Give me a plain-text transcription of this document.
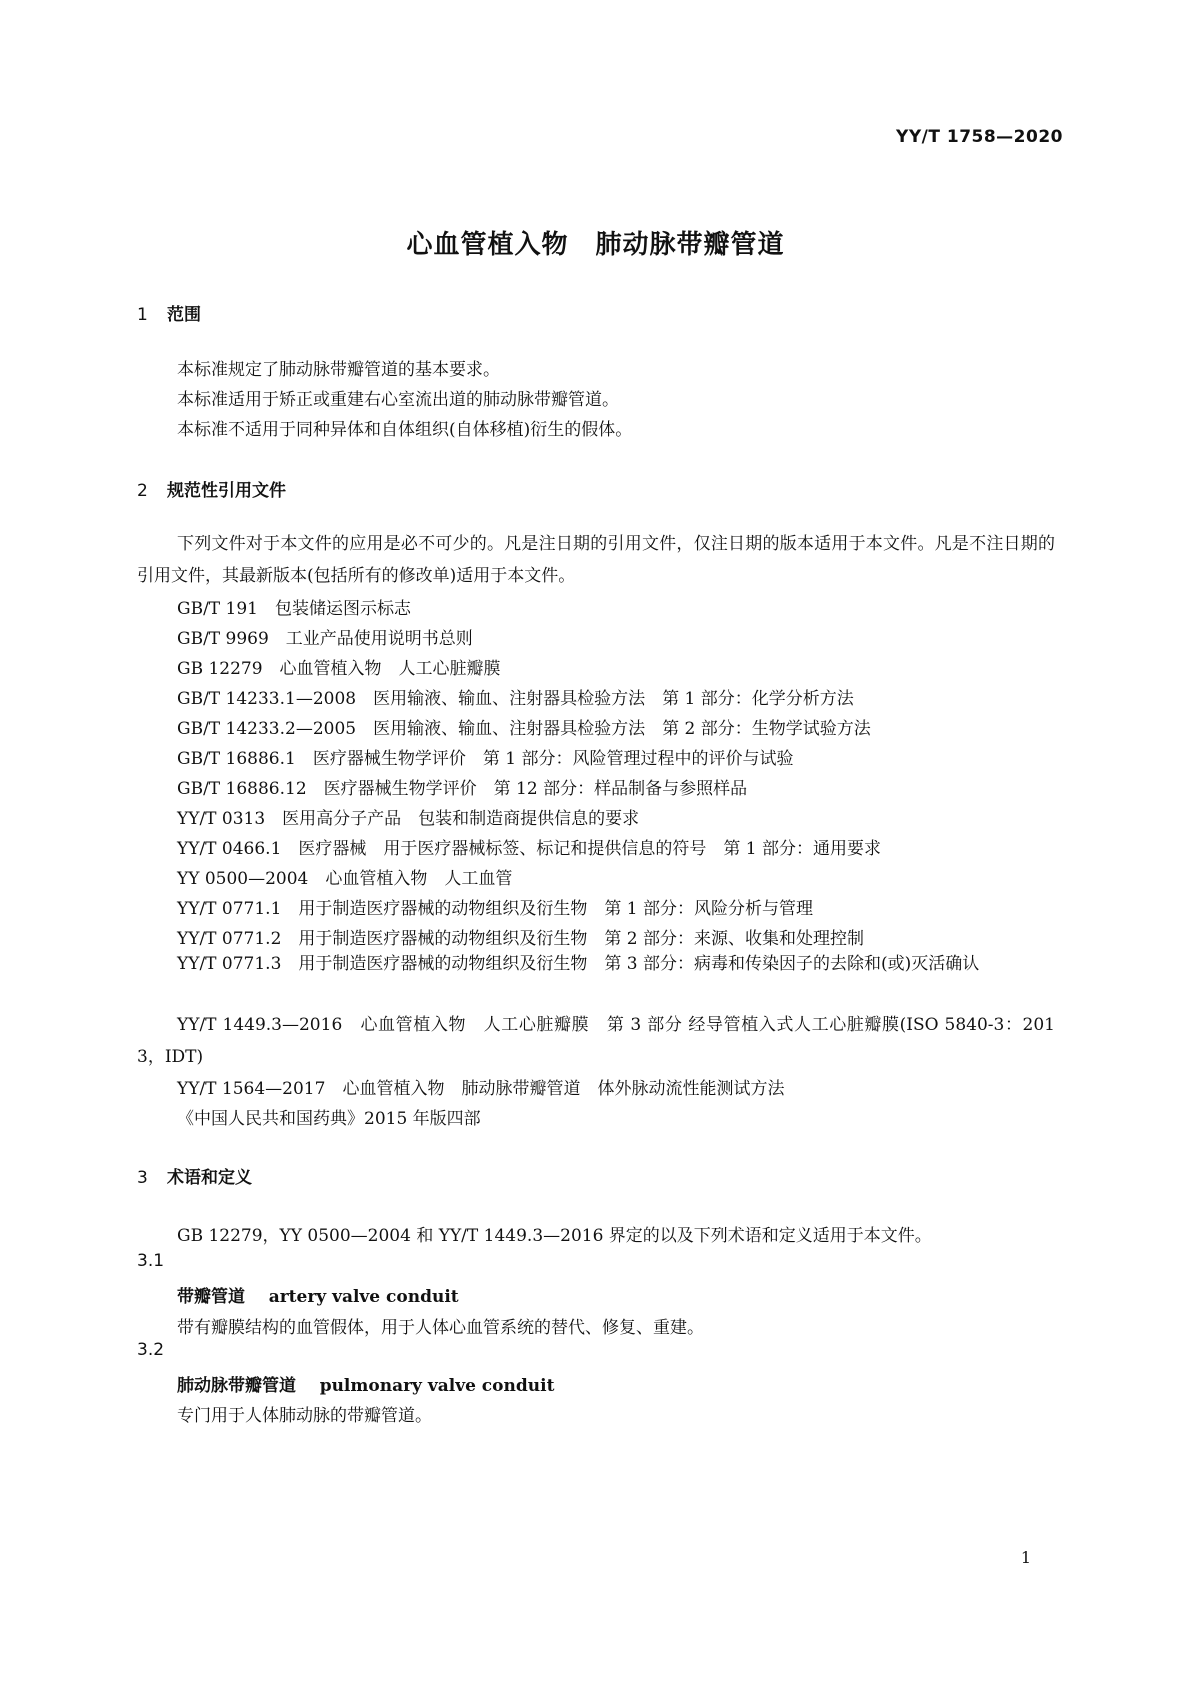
YY/T 1758—2020
心血管植入物　肺动脉带瓣管道
1 范围
本标准规定了肺动脉带瓣管道的基本要求。
本标准适用于矫正或重建右心室流出道的肺动脉带瓣管道。
本标准不适用于同种异体和自体组织(自体移植)衍生的假体。
2 规范性引用文件
下列文件对于本文件的应用是必不可少的。凡是注日期的引用文件，仅注日期的版本适用于本文件。凡是不注日期的引用文件，其最新版本(包括所有的修改单)适用于本文件。
GB/T 191　包装储运图示标志
GB/T 9969　工业产品使用说明书总则
GB 12279　心血管植入物　人工心脏瓣膜
GB/T 14233.1—2008　医用输液、输血、注射器具检验方法　第 1 部分：化学分析方法
GB/T 14233.2—2005　医用输液、输血、注射器具检验方法　第 2 部分：生物学试验方法
GB/T 16886.1　医疗器械生物学评价　第 1 部分：风险管理过程中的评价与试验
GB/T 16886.12　医疗器械生物学评价　第 12 部分：样品制备与参照样品
YY/T 0313　医用高分子产品　包装和制造商提供信息的要求
YY/T 0466.1　医疗器械　用于医疗器械标签、标记和提供信息的符号　第 1 部分：通用要求
YY 0500—2004　心血管植入物　人工血管
YY/T 0771.1　用于制造医疗器械的动物组织及衍生物　第 1 部分：风险分析与管理
YY/T 0771.2　用于制造医疗器械的动物组织及衍生物　第 2 部分：来源、收集和处理控制
YY/T 0771.3　用于制造医疗器械的动物组织及衍生物　第 3 部分：病毒和传染因子的去除和(或)灭活确认
YY/T 1449.3—2016　心血管植入物　人工心脏瓣膜　第 3 部分 经导管植入式人工心脏瓣膜(ISO 5840-3：2013，IDT)
YY/T 1564—2017　心血管植入物　肺动脉带瓣管道　体外脉动流性能测试方法
《中国人民共和国药典》2015 年版四部
3 术语和定义
GB 12279，YY 0500—2004 和 YY/T 1449.3—2016 界定的以及下列术语和定义适用于本文件。
3.1
带瓣管道 artery valve conduit
带有瓣膜结构的血管假体，用于人体心血管系统的替代、修复、重建。
3.2
肺动脉带瓣管道 pulmonary valve conduit
专门用于人体肺动脉的带瓣管道。
1
